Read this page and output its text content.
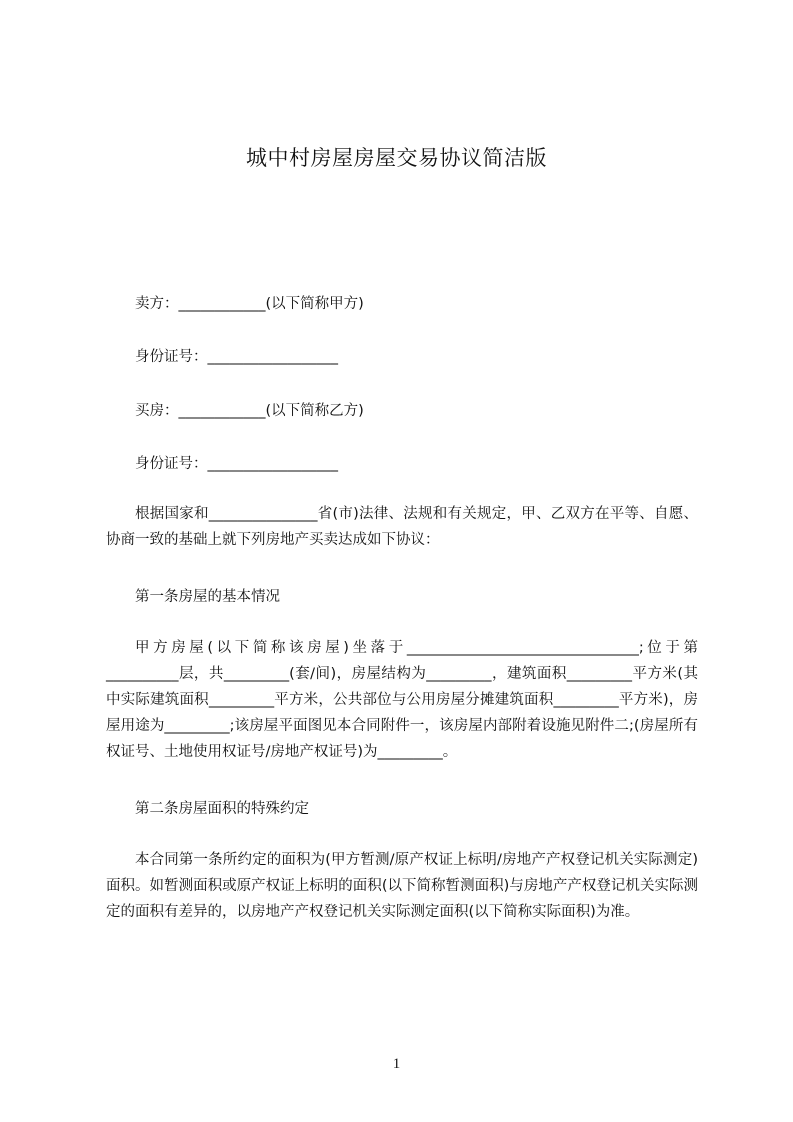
城中村房屋房屋交易协议简洁版
卖方：____________(以下简称甲方)
身份证号：__________________
买房：____________(以下简称乙方)
身份证号：__________________

根据国家和_______________省(市)法律、法规和有关规定，甲、乙双方在平等、自愿、协商一致的基础上就下列房地产买卖达成如下协议：

第一条房屋的基本情况

甲方房屋(以下简称该房屋)坐落于________________________________;位于第__________层，共_________(套/间)，房屋结构为_________，建筑面积_________平方米(其中实际建筑面积_________平方米，公共部位与公用房屋分摊建筑面积_________平方米)，房屋用途为_________;该房屋平面图见本合同附件一，该房屋内部附着设施见附件二;(房屋所有权证号、土地使用权证号/房地产权证号)为_________。

第二条房屋面积的特殊约定

本合同第一条所约定的面积为(甲方暂测/原产权证上标明/房地产产权登记机关实际测定)面积。如暂测面积或原产权证上标明的面积(以下简称暂测面积)与房地产产权登记机关实际测定的面积有差异的，以房地产产权登记机关实际测定面积(以下简称实际面积)为准。

1
